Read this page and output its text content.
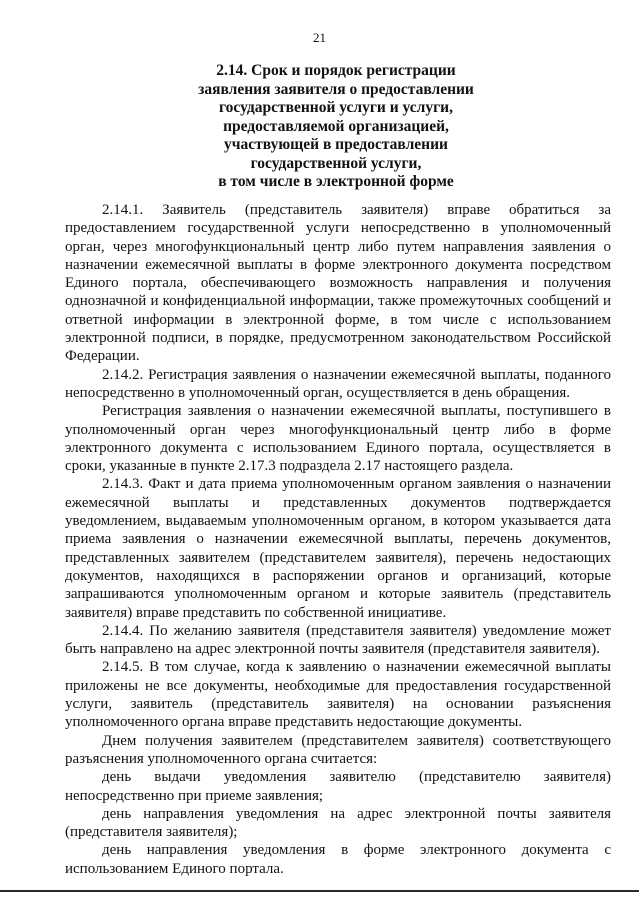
21
2.14. Срок и порядок регистрации
заявления заявителя о предоставлении
государственной услуги и услуги,
предоставляемой организацией,
участвующей в предоставлении
государственной услуги,
в том числе в электронной форме

2.14.1. Заявитель (представитель заявителя) вправе обратиться за предоставлением государственной услуги непосредственно в уполномоченный орган, через многофункциональный центр либо путем направления заявления о назначении ежемесячной выплаты в форме электронного документа посредством Единого портала, обеспечивающего возможность направления и получения однозначной и конфиденциальной информации, также промежуточных сообщений и ответной информации в электронной форме, в том числе с использованием электронной подписи, в порядке, предусмотренном законодательством Российской Федерации.

2.14.2. Регистрация заявления о назначении ежемесячной выплаты, поданного непосредственно в уполномоченный орган, осуществляется в день обращения.

Регистрация заявления о назначении ежемесячной выплаты, поступившего в уполномоченный орган через многофункциональный центр либо в форме электронного документа с использованием Единого портала, осуществляется в сроки, указанные в пункте 2.17.3 подраздела 2.17 настоящего раздела.

2.14.3. Факт и дата приема уполномоченным органом заявления о назначении ежемесячной выплаты и представленных документов подтверждается уведомлением, выдаваемым уполномоченным органом, в котором указывается дата приема заявления о назначении ежемесячной выплаты, перечень документов, представленных заявителем (представителем заявителя), перечень недостающих документов, находящихся в распоряжении органов и организаций, которые запрашиваются уполномоченным органом и которые заявитель (представитель заявителя) вправе представить по собственной инициативе.

2.14.4. По желанию заявителя (представителя заявителя) уведомление может быть направлено на адрес электронной почты заявителя (представителя заявителя).

2.14.5. В том случае, когда к заявлению о назначении ежемесячной выплаты приложены не все документы, необходимые для предоставления государственной услуги, заявитель (представитель заявителя) на основании разъяснения уполномоченного органа вправе представить недостающие документы.

Днем получения заявителем (представителем заявителя) соответствующего разъяснения уполномоченного органа считается:

день выдачи уведомления заявителю (представителю заявителя) непосредственно при приеме заявления;

день направления уведомления на адрес электронной почты заявителя (представителя заявителя);

день направления уведомления в форме электронного документа с использованием Единого портала.
